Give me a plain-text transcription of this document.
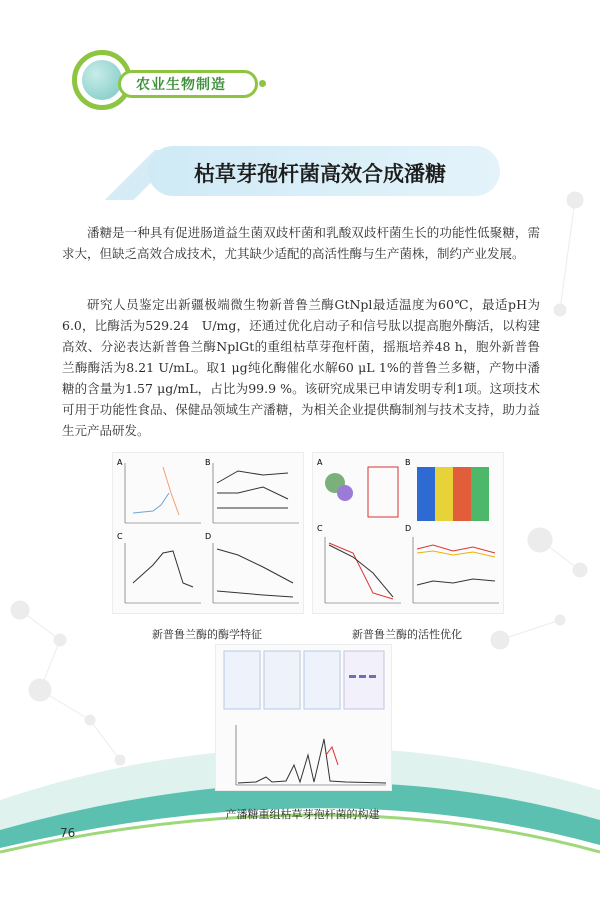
农业生物制造
枯草芽孢杆菌高效合成潘糖

潘糖是一种具有促进肠道益生菌双歧杆菌和乳酸双歧杆菌生长的功能性低聚糖，需求大，但缺乏高效合成技术，尤其缺少适配的高活性酶与生产菌株，制约产业发展。

研究人员鉴定出新疆极端微生物新普鲁兰酶GtNpl最适温度为60℃，最适pH为6.0，比酶活为529.24　U/mg，还通过优化启动子和信号肽以提高胞外酶活，以构建高效、分泌表达新普鲁兰酶NplGt的重组枯草芽孢杆菌，摇瓶培养48 h，胞外新普鲁兰酶酶活为8.21 U/mL。取1 μg纯化酶催化水解60 μL 1%的普鲁兰多糖，产物中潘糖的含量为1.57 μg/mL，占比为99.9 %。该研究成果已申请发明专利1项。这项技术可用于功能性食品、保健品领域生产潘糖，为相关企业提供酶制剂与技术支持，助力益生元产品研发。

A	B
C	D
A	B
C	D
新普鲁兰酶的酶学特征	新普鲁兰酶的活性优化
产潘糖重组枯草芽孢杆菌的构建
76
